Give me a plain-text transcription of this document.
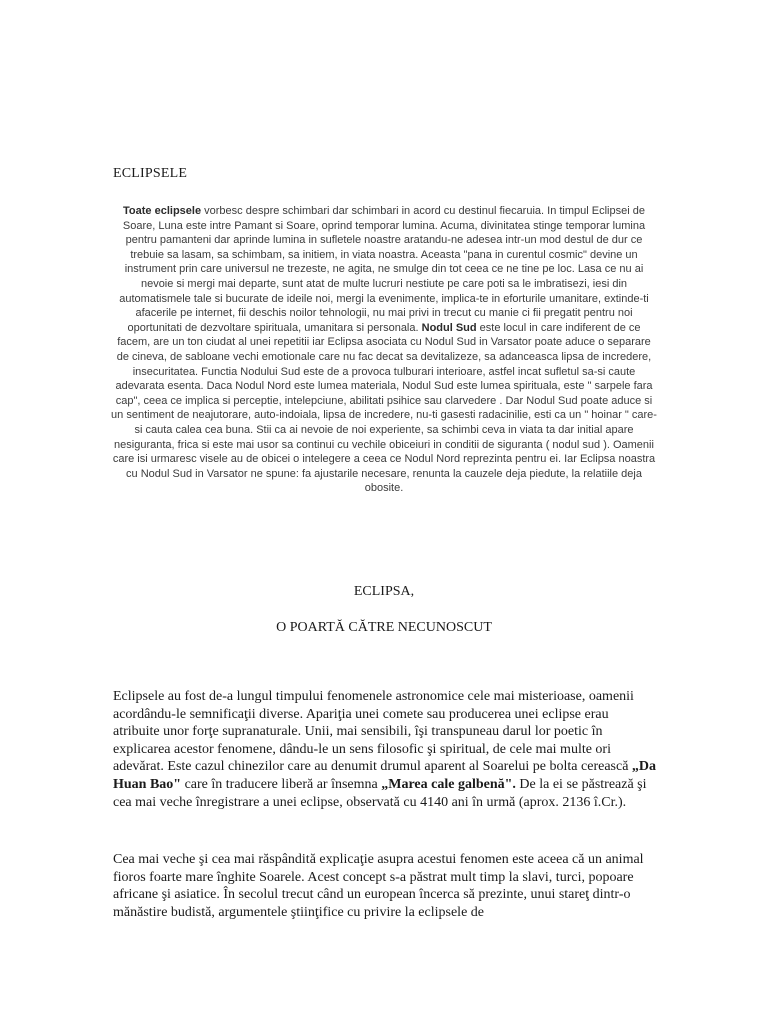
ECLIPSELE
Toate eclipsele vorbesc despre schimbari dar schimbari in acord cu destinul fiecaruia. In timpul Eclipsei de Soare, Luna este intre Pamant si Soare, oprind temporar lumina. Acuma, divinitatea stinge temporar lumina pentru pamanteni dar aprinde lumina in sufletele noastre aratandu-ne adesea intr-un mod destul de dur ce trebuie sa lasam, sa schimbam, sa initiem, in viata noastra. Aceasta "pana in curentul cosmic" devine un instrument prin care universul ne trezeste, ne agita, ne smulge din tot ceea ce ne tine pe loc. Lasa ce nu ai nevoie si mergi mai departe, sunt atat de multe lucruri nestiute pe care poti sa le imbratisezi, iesi din automatismele tale si bucurate de ideile noi, mergi la evenimente, implica-te in eforturile umanitare, extinde-ti afacerile pe internet, fii deschis noilor tehnologii, nu mai privi in trecut cu manie ci fii pregatit pentru noi oportunitati de dezvoltare spirituala, umanitara si personala. Nodul Sud este locul in care indiferent de ce facem, are un ton ciudat al unei repetitii iar Eclipsa asociata cu Nodul Sud in Varsator poate aduce o separare de cineva, de sabloane vechi emotionale care nu fac decat sa devitalizeze, sa adanceasca lipsa de incredere, insecuritatea. Functia Nodului Sud este de a provoca tulburari interioare, astfel incat sufletul sa-si caute adevarata esenta. Daca Nodul Nord este lumea materiala, Nodul Sud este lumea spirituala, este " sarpele fara cap", ceea ce implica si perceptie, intelepciune, abilitati psihice sau clarvedere . Dar Nodul Sud poate aduce si un sentiment de neajutorare, auto-indoiala, lipsa de incredere, nu-ti gasesti radacinilie, esti ca un " hoinar " care-si cauta calea cea buna. Stii ca ai nevoie de noi experiente, sa schimbi ceva in viata ta dar initial apare nesiguranta, frica si este mai usor sa continui cu vechile obiceiuri in conditii de siguranta ( nodul sud ). Oamenii care isi urmaresc visele au de obicei o intelegere a ceea ce Nodul Nord reprezinta pentru ei. Iar Eclipsa noastra cu Nodul Sud in Varsator ne spune: fa ajustarile necesare, renunta la cauzele deja piedute, la relatiile deja obosite.
ECLIPSA,
O POARTĂ CĂTRE NECUNOSCUT
Eclipsele au fost de-a lungul timpului fenomenele astronomice cele mai misterioase, oamenii acordându-le semnificaţii diverse. Apariţia unei comete sau producerea unei eclipse erau atribuite unor forţe supranaturale. Unii, mai sensibili, îşi transpuneau darul lor poetic în explicarea acestor fenomene, dându-le un sens filosofic şi spiritual, de cele mai multe ori adevărat. Este cazul chinezilor care au denumit drumul aparent al Soarelui pe bolta cerească „Da Huan Bao" care în traducere liberă ar însemna „Marea cale galbenă". De la ei se păstrează şi cea mai veche înregistrare a unei eclipse, observată cu 4140 ani în urmă (aprox. 2136 î.Cr.).
Cea mai veche şi cea mai răspândită explicaţie asupra acestui fenomen este aceea că un animal fioros foarte mare înghite Soarele. Acest concept s-a păstrat mult timp la slavi, turci, popoare africane şi asiatice. În secolul trecut când un european încerca să prezinte, unui stareţ dintr-o mănăstire budistă, argumentele ştiinţifice cu privire la eclipsele de
